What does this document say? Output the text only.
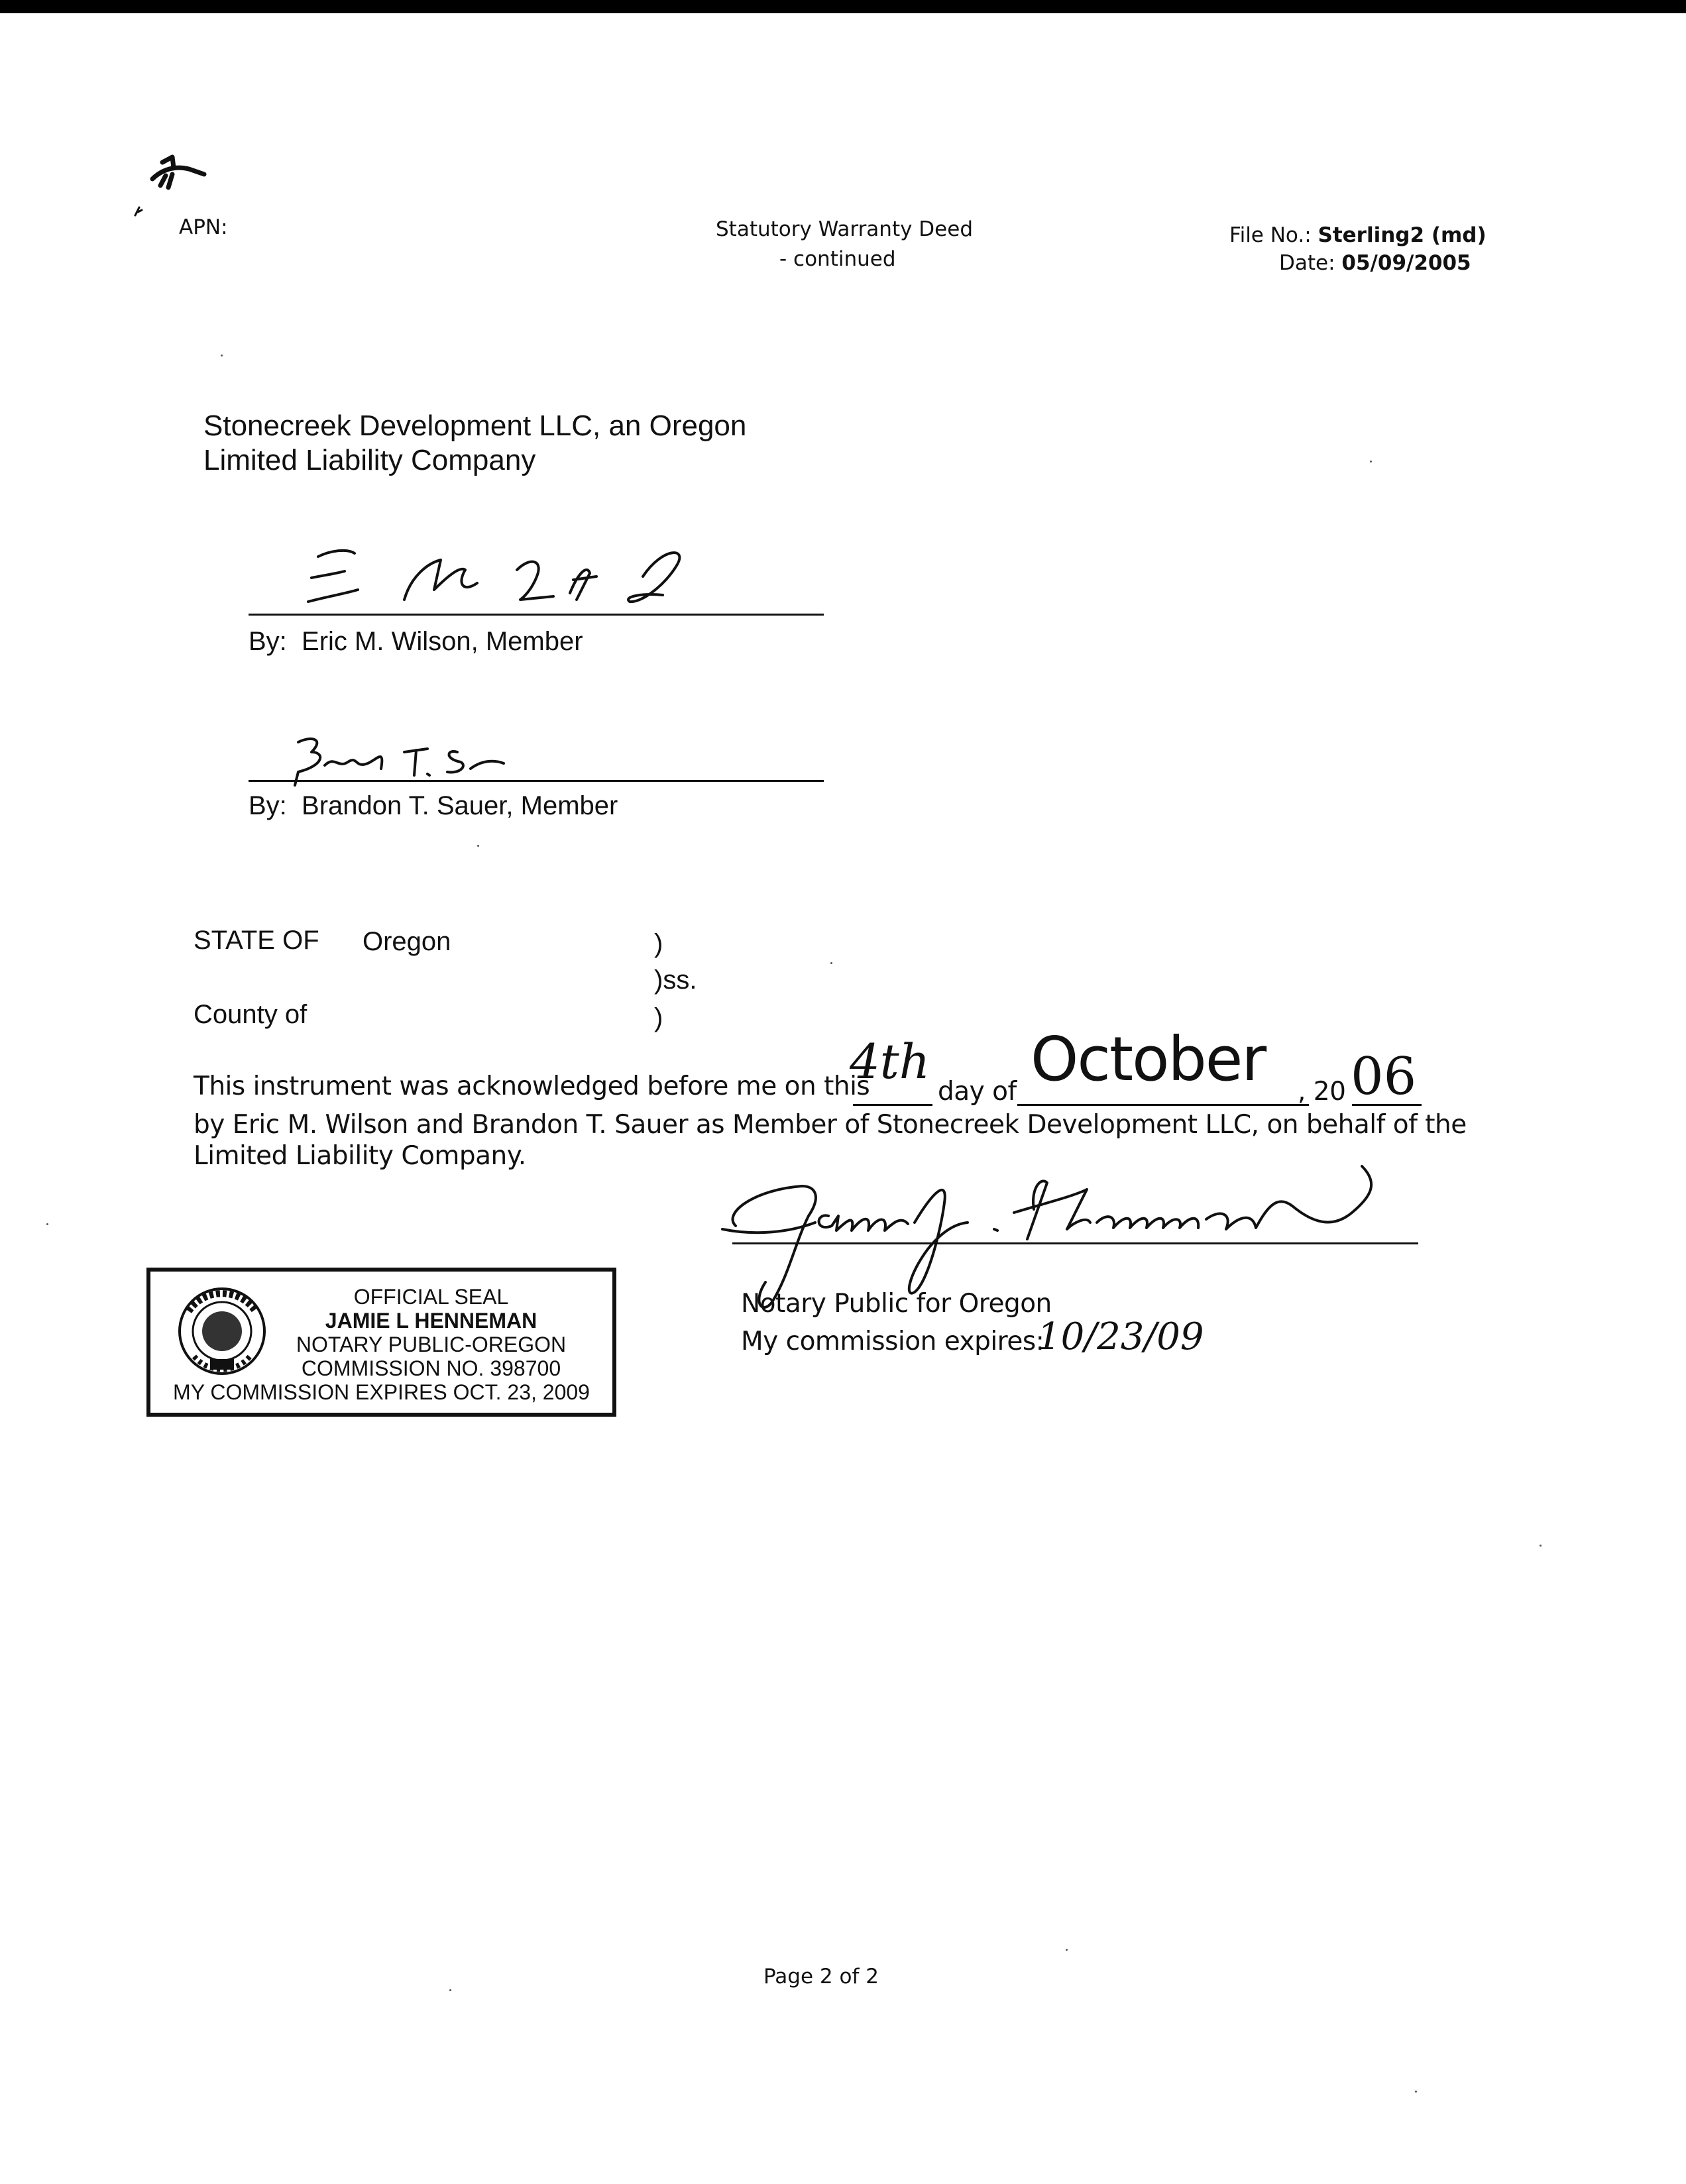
APN:	Statutory Warranty Deed
- continued
File No.: Sterling2 (md)
Date: 05/09/2005
Stonecreek Development LLC, an Oregon
Limited Liability Company
By: Eric M. Wilson, Member
By: Brandon T. Sauer, Member
STATE OF Oregon	)
)ss.
County of	)
This instrument was acknowledged before me on this
4th
day of October , 20 06
by Eric M. Wilson and Brandon T. Sauer as Member of Stonecreek Development LLC, on behalf of the
Limited Liability Company.
Notary Public for Oregon
My commission expires:
10/23/09
OFFICIAL SEAL
JAMIE L HENNEMAN
NOTARY PUBLIC-OREGON
COMMISSION NO. 398700
MY COMMISSION EXPIRES OCT. 23, 2009
Page 2 of 2
